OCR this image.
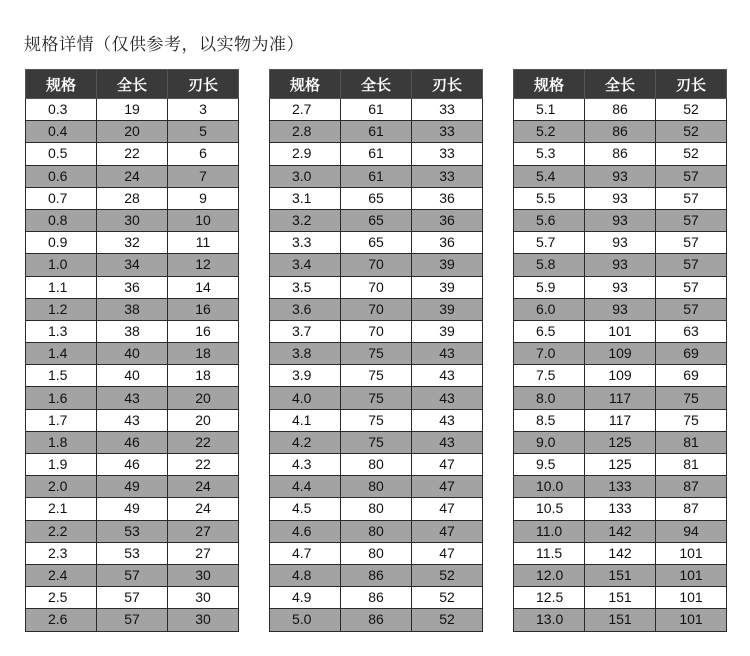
规格详情（仅供参考，以实物为准）
规格	全长	刃长
0.3	19	3
0.4	20	5
0.5	22	6
0.6	24	7
0.7	28	9
0.8	30	10
0.9	32	11
1.0	34	12
1.1	36	14
1.2	38	16
1.3	38	16
1.4	40	18
1.5	40	18
1.6	43	20
1.7	43	20
1.8	46	22
1.9	46	22
2.0	49	24
2.1	49	24
2.2	53	27
2.3	53	27
2.4	57	30
2.5	57	30
2.6	57	30
规格	全长	刃长
2.7	61	33
2.8	61	33
2.9	61	33
3.0	61	33
3.1	65	36
3.2	65	36
3.3	65	36
3.4	70	39
3.5	70	39
3.6	70	39
3.7	70	39
3.8	75	43
3.9	75	43
4.0	75	43
4.1	75	43
4.2	75	43
4.3	80	47
4.4	80	47
4.5	80	47
4.6	80	47
4.7	80	47
4.8	86	52
4.9	86	52
5.0	86	52
规格	全长	刃长
5.1	86	52
5.2	86	52
5.3	86	52
5.4	93	57
5.5	93	57
5.6	93	57
5.7	93	57
5.8	93	57
5.9	93	57
6.0	93	57
6.5	101	63
7.0	109	69
7.5	109	69
8.0	117	75
8.5	117	75
9.0	125	81
9.5	125	81
10.0	133	87
10.5	133	87
11.0	142	94
11.5	142	101
12.0	151	101
12.5	151	101
13.0	151	101
